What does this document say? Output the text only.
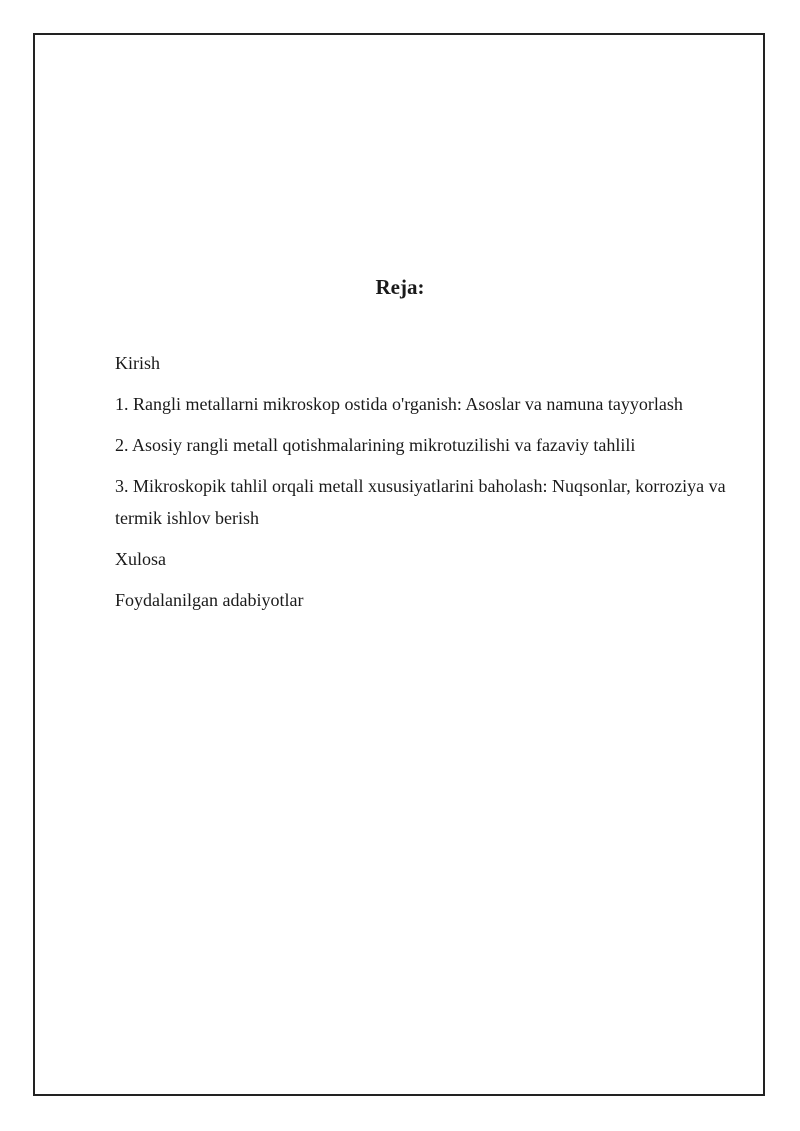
Reja:
Kirish
1. Rangli metallarni mikroskop ostida o'rganish: Asoslar va namuna tayyorlash
2. Asosiy rangli metall qotishmalarining mikrotuzilishi va fazaviy tahlili
3. Mikroskopik tahlil orqali metall xususiyatlarini baholash: Nuqsonlar, korroziya va termik ishlov berish
Xulosa
Foydalanilgan adabiyotlar
